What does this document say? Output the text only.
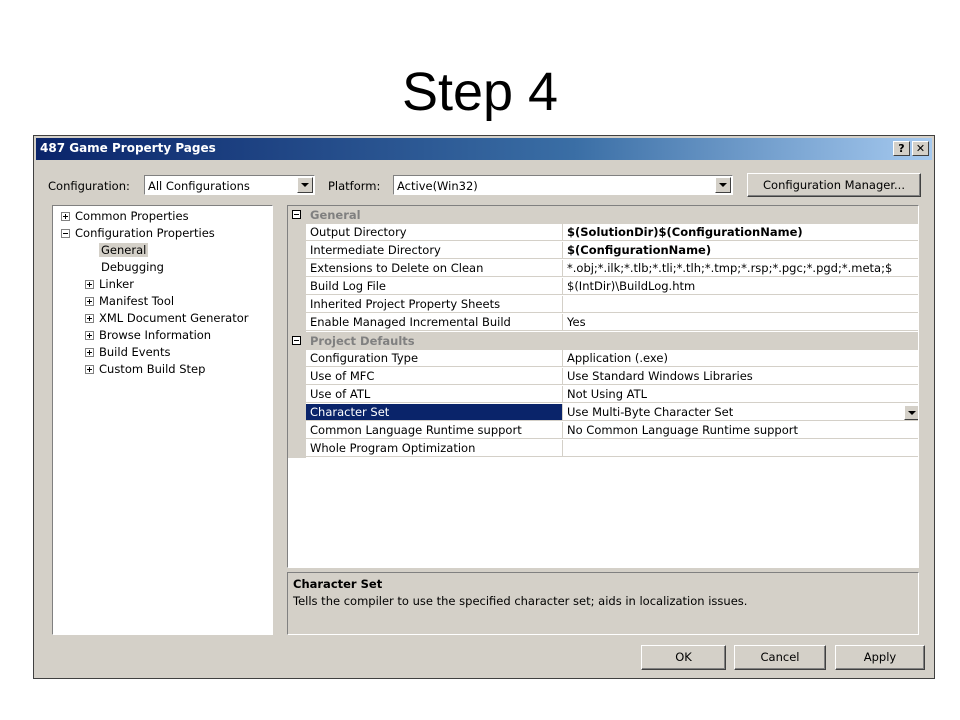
Step 4
487 Game Property Pages	?	✕
Configuration: All Configurations	Platform: Active(Win32)	Configuration Manager...
Common Properties
Configuration Properties
General
Debugging
Linker
Manifest Tool
XML Document Generator
Browse Information
Build Events
Custom Build Step
General
Output Directory	$(SolutionDir)$(ConfigurationName)
Intermediate Directory	$(ConfigurationName)
Extensions to Delete on Clean	*.obj;*.ilk;*.tlb;*.tli;*.tlh;*.tmp;*.rsp;*.pgc;*.pgd;*.meta;$
Build Log File	$(IntDir)\BuildLog.htm
Inherited Project Property Sheets
Enable Managed Incremental Build	Yes
Project Defaults
Configuration Type	Application (.exe)
Use of MFC	Use Standard Windows Libraries
Use of ATL	Not Using ATL
Character Set	Use Multi-Byte Character Set
Common Language Runtime support	No Common Language Runtime support
Whole Program Optimization
Character Set
Tells the compiler to use the specified character set; aids in localization issues.
OK	Cancel	Apply
